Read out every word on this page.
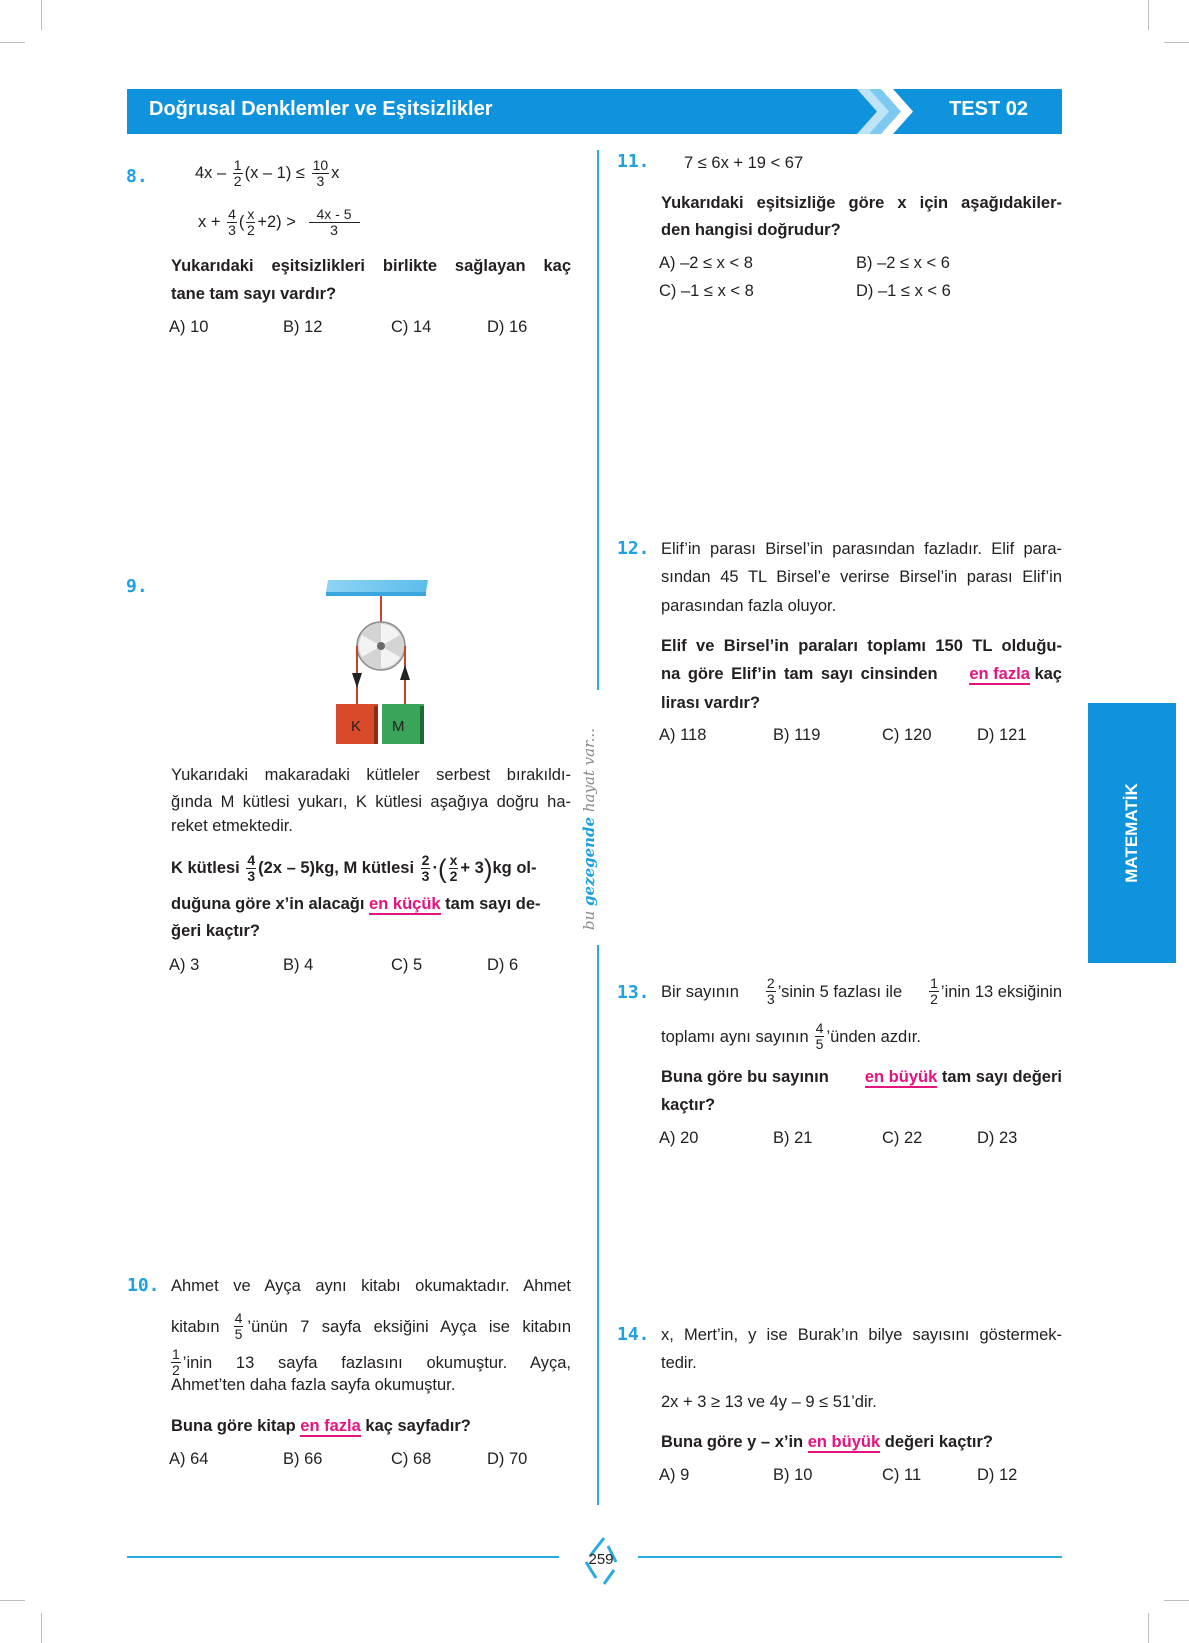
Doğrusal Denklemler ve Eşitsizlikler	TEST 02
8.	$4x - \frac{1}{2} (x - 1) \le \frac{10}{3}$ x
$x + \frac{4}{3}$ ( $\frac{x}{2} +2) > \frac{4x - 5}{3}$
Yukarıdaki eşitsizlikleri birlikte sağlayan kaç
tane tam sayı vardır?
A) 10	B) 12	C) 14	D) 16
9.
K M
Yukarıdaki makaradaki kütleler serbest bırakıldı-
ğında M kütlesi yukarı, K kütlesi aşağıya doğru ha-
reket etmektedir.
K kütlesi $\frac{4}{3} (2x - 5)kg$, M kütlesi $\frac{2}{3}$ ·( $\frac{x}{2} + 3)kg$ ol-
duğuna göre x’in alacağı en küçük tam sayı de-
ğeri kaçtır?
A) 3	B) 4	C) 5	D) 6
bu gezegende hayat var...
10. Ahmet ve Ayça aynı kitabı okumaktadır. Ahmet
kitabın $\frac{4}{5}$ ’ünün 7 sayfa eksiğini Ayça ise kitabın
$\frac{1}{2}$ ’inin 13 sayfa fazlasını okumuştur. Ayça,
Ahmet’ten daha fazla sayfa okumuştur.
Buna göre kitap en fazla kaç sayfadır?
A) 64	B) 66	C) 68	D) 70
11. 7 ≤ 6x + 19 < 67
Yukarıdaki eşitsizliğe göre x için aşağıdakiler-
den hangisi doğrudur?
A) –2 ≤ x < 8	B) –2 ≤ x < 6
C) –1 ≤ x < 8	D) –1 ≤ x < 6
12. Elif’in parası Birsel’in parasından fazladır. Elif para-
sından 45 TL Birsel’e verirse Birsel’in parası Elif’in
parasından fazla oluyor.
Elif ve Birsel’in paraları toplamı 150 TL olduğu-
na göre Elif’in tam sayı cinsinden en fazla kaç
lirası vardır?
A) 118	B) 119	C) 120	D) 121
MATEMATİK
13. Bir sayının $\frac{2}{3}$ ’sinin 5 fazlası ile $\frac{1}{2}$ ’inin 13 eksiğinin
toplamı aynı sayının $\frac{4}{5}$ ’ünden azdır.
Buna göre bu sayının en büyük tam sayı değeri
kaçtır?
A) 20	B) 21	C) 22	D) 23
14. x, Mert’in, y ise Burak’ın bilye sayısını göstermek-
tedir.
2x + 3 ≥ 13 ve 4y – 9 ≤ 51’dir.
Buna göre y – x’in en büyük değeri kaçtır?
A) 9	B) 10	C) 11	D) 12
259
